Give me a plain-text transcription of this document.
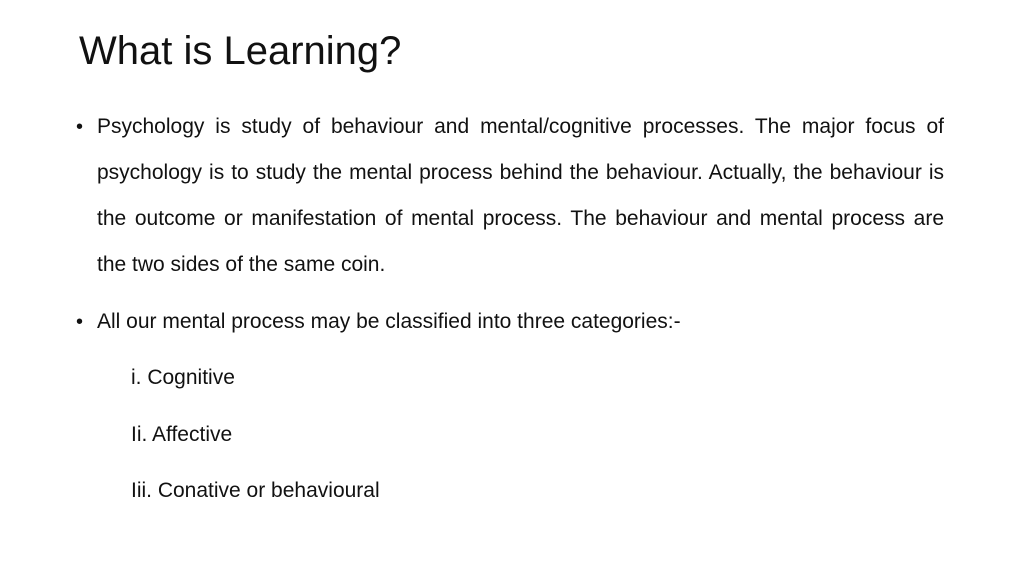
What is Learning?
• Psychology is study of behaviour and mental/cognitive processes. The major focus of psychology is to study the mental process behind the behaviour. Actually, the behaviour is the outcome or manifestation of mental process. The behaviour and mental process are the two sides of the same coin.
• All our mental process may be classified into three categories:-
i. Cognitive
Ii. Affective
Iii. Conative or behavioural
